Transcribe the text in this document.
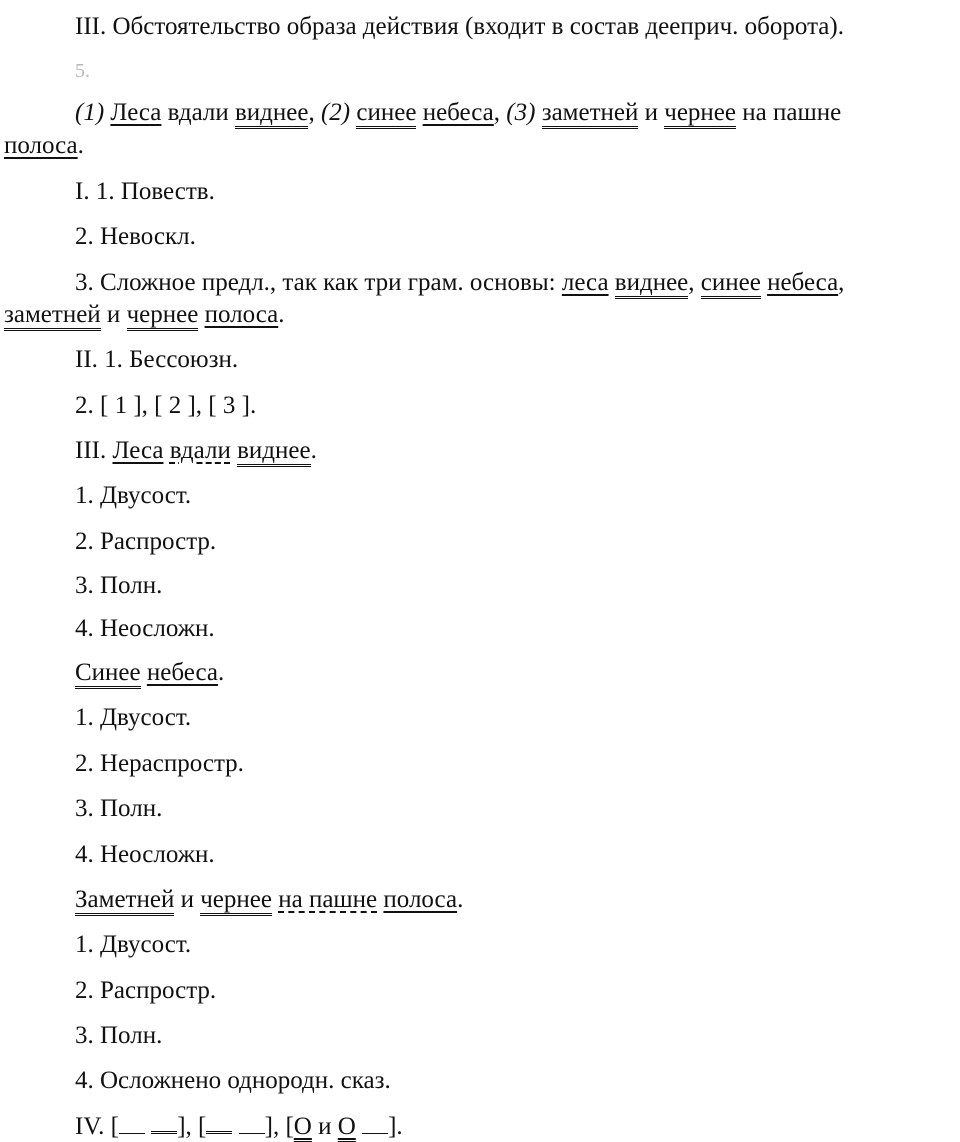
III. Обстоятельство образа действия (входит в состав дееприч. оборота).
5.
(1) Леса вдали виднее, (2) синее небеса, (3) заметней и чернее на пашне
полоса.
I. 1. Повеств.
2. Невоскл.
3. Сложное предл., так как три грам. основы: леса виднее, синее небеса,
заметней и чернее полоса.
II. 1. Бессоюзн.
2. [ 1 ], [ 2 ], [ 3 ].
III. Леса вдали виднее.
1. Двусост.
2. Распростр.
3. Полн.
4. Неосложн.
Синее небеса.
1. Двусост.
2. Нераспростр.
3. Полн.
4. Неосложн.
Заметней и чернее на пашне полоса.
1. Двусост.
2. Распростр.
3. Полн.
4. Осложнено однородн. сказ.
IV. [ ], [ ], [О и О ].
